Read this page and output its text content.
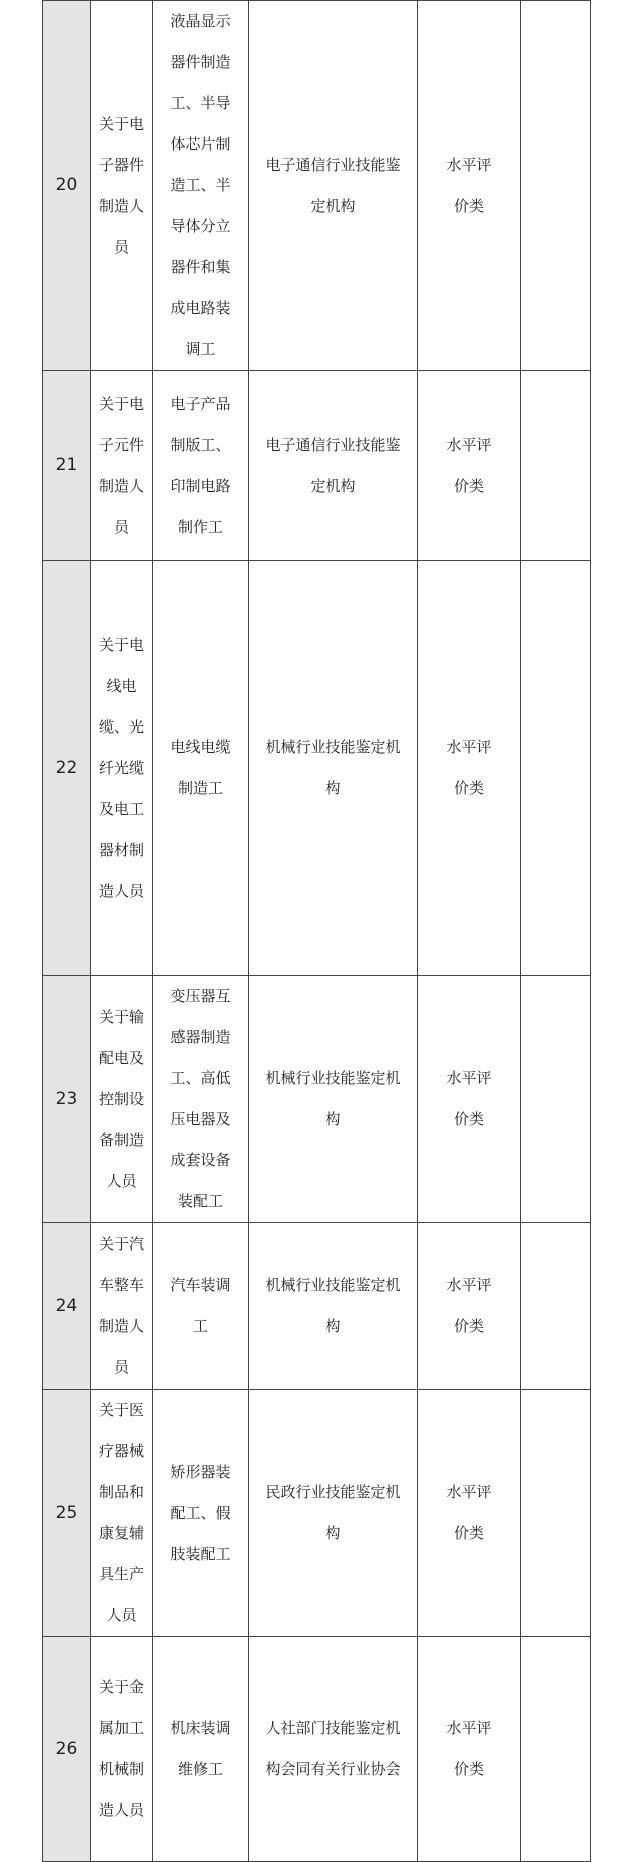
20	关于电子器件制造人员	液晶显示器件制造工、半导体芯片制造工、半导体分立器件和集成电路装调工	电子通信行业技能鉴定机构	水平评价类	

21	关于电子元件制造人员	电子产品制版工、印制电路制作工	电子通信行业技能鉴定机构	水平评价类	

22	关于电线电缆、光纤光缆及电工器材制造人员	电线电缆制造工	机械行业技能鉴定机构	水平评价类	

23	关于输配电及控制设备制造人员	变压器互感器制造工、高低压电器及成套设备装配工	机械行业技能鉴定机构	水平评价类	

24	关于汽车整车制造人员	汽车装调工	机械行业技能鉴定机构	水平评价类	

25	关于医疗器械制品和康复辅具生产人员	矫形器装配工、假肢装配工	民政行业技能鉴定机构	水平评价类	

26	关于金属加工机械制造人员	机床装调维修工	人社部门技能鉴定机构会同有关行业协会	水平评价类	
